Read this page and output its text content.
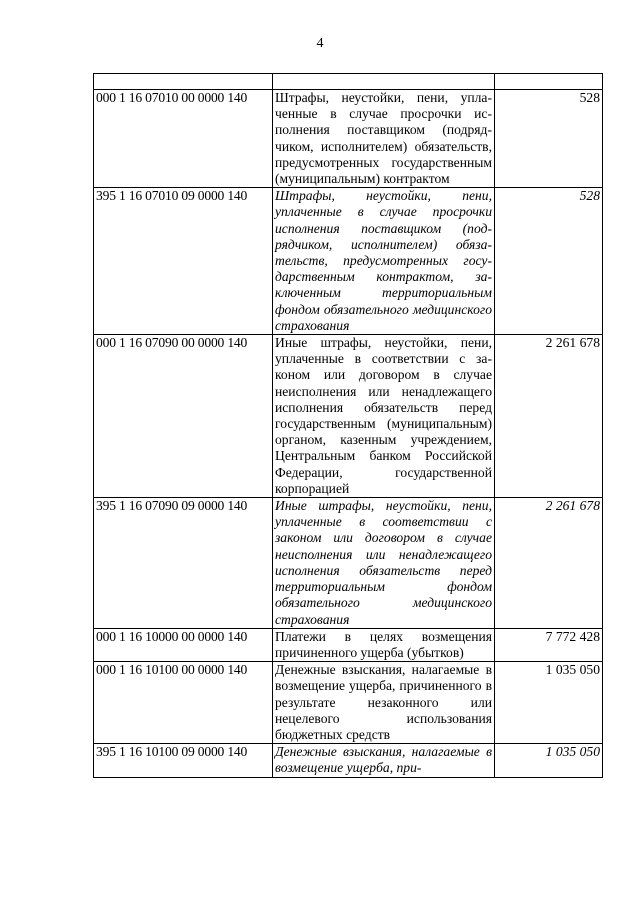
4

000 1 16 07010 00 0000 140	Штрафы, неустойки, пени, уплаченные в случае просрочки исполнения поставщиком (подрядчиком, исполнителем) обязательств, предусмотренных государственным (муниципальным) контрактом	528
395 1 16 07010 09 0000 140	Штрафы, неустойки, пени, уплаченные в случае просрочки исполнения поставщиком (подрядчиком, исполнителем) обязательств, предусмотренных государственным контрактом, заключенным территориальным фондом обязательного медицинского страхования	528
000 1 16 07090 00 0000 140	Иные штрафы, неустойки, пени, уплаченные в соответствии с законом или договором в случае неисполнения или ненадлежащего исполнения обязательств перед государственным (муниципальным) органом, казенным учреждением, Центральным банком Российской Федерации, государственной корпорацией	2 261 678
395 1 16 07090 09 0000 140	Иные штрафы, неустойки, пени, уплаченные в соответствии с законом или договором в случае неисполнения или ненадлежащего исполнения обязательств перед территориальным фондом обязательного медицинского страхования	2 261 678
000 1 16 10000 00 0000 140	Платежи в целях возмещения причиненного ущерба (убытков)	7 772 428
000 1 16 10100 00 0000 140	Денежные взыскания, налагаемые в возмещение ущерба, причиненного в результате незаконного или нецелевого использования бюджетных средств	1 035 050
395 1 16 10100 09 0000 140	Денежные взыскания, налагаемые в возмещение ущерба, при-	1 035 050
